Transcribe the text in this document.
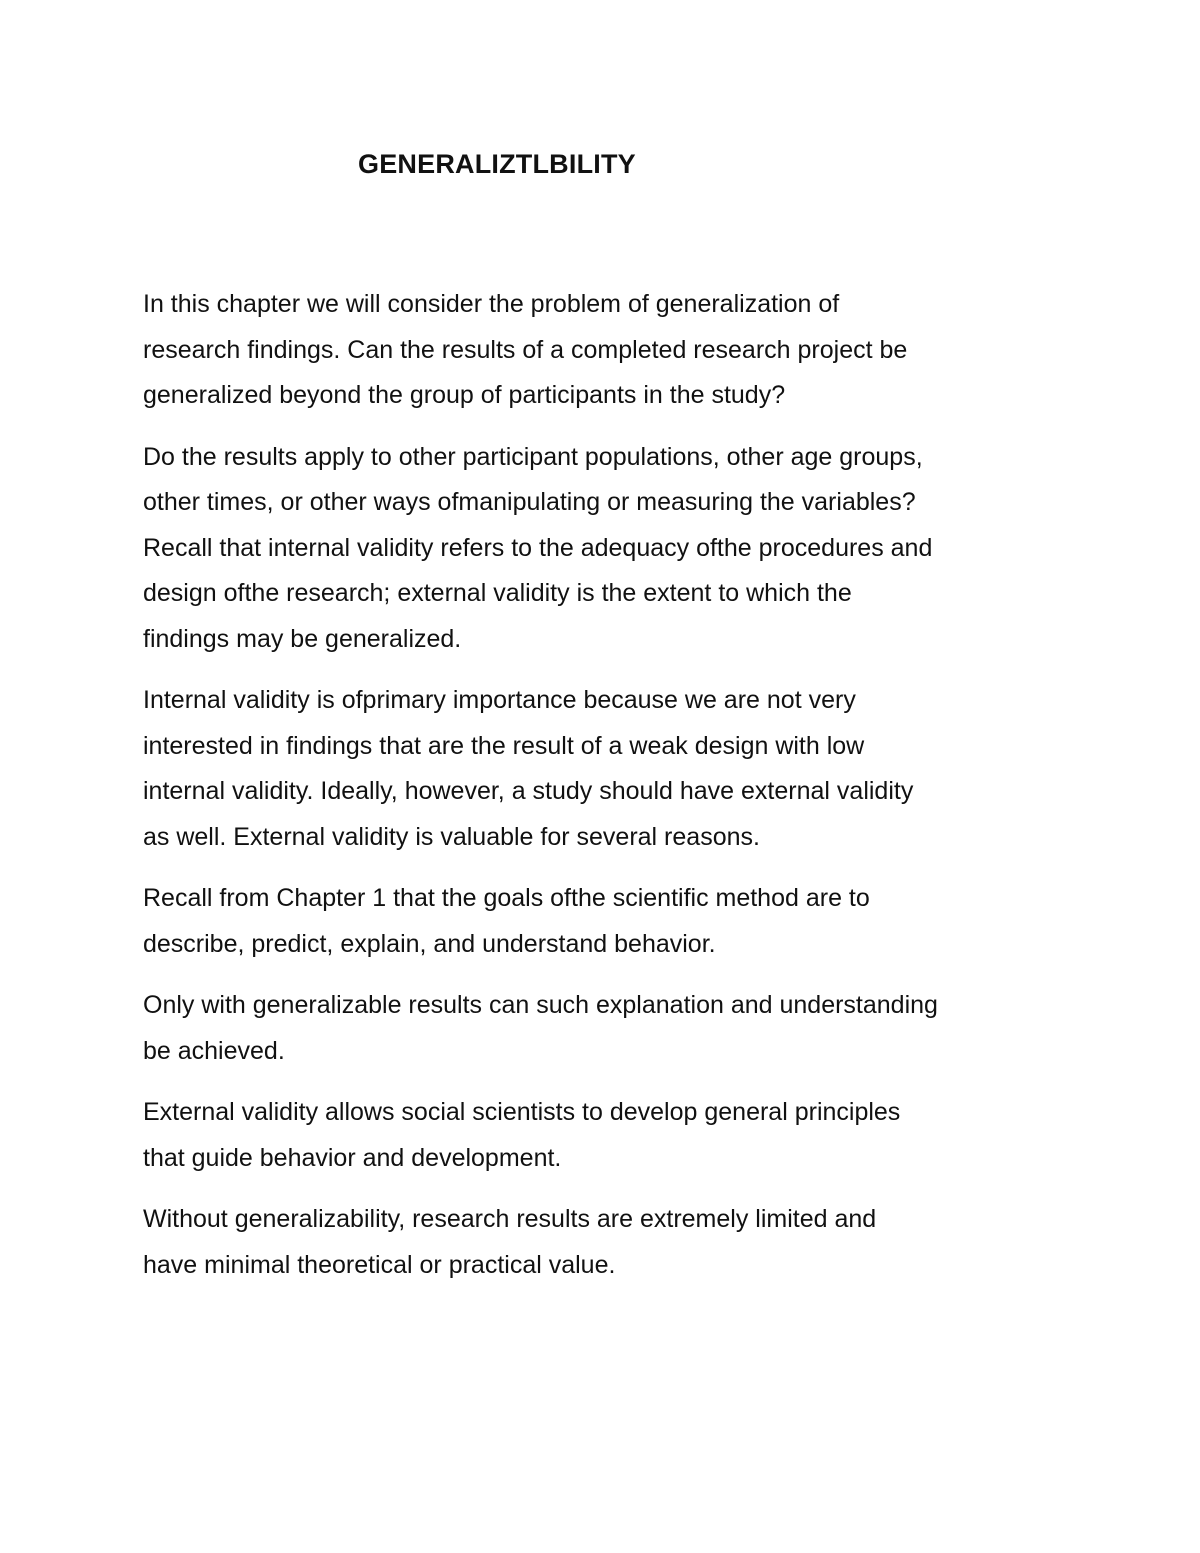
GENERALIZTLBILITY

In this chapter we will consider the problem of generalization of
research findings. Can the results of a completed research project be
generalized beyond the group of participants in the study?

Do the results apply to other participant populations, other age groups,
other times, or other ways ofmanipulating or measuring the variables?
Recall that internal validity refers to the adequacy ofthe procedures and
design ofthe research; external validity is the extent to which the
findings may be generalized.

Internal validity is ofprimary importance because we are not very
interested in findings that are the result of a weak design with low
internal validity. Ideally, however, a study should have external validity
as well. External validity is valuable for several reasons.

Recall from Chapter 1 that the goals ofthe scientific method are to
describe, predict, explain, and understand behavior.

Only with generalizable results can such explanation and understanding
be achieved.

External validity allows social scientists to develop general principles
that guide behavior and development.

Without generalizability, research results are extremely limited and
have minimal theoretical or practical value.
